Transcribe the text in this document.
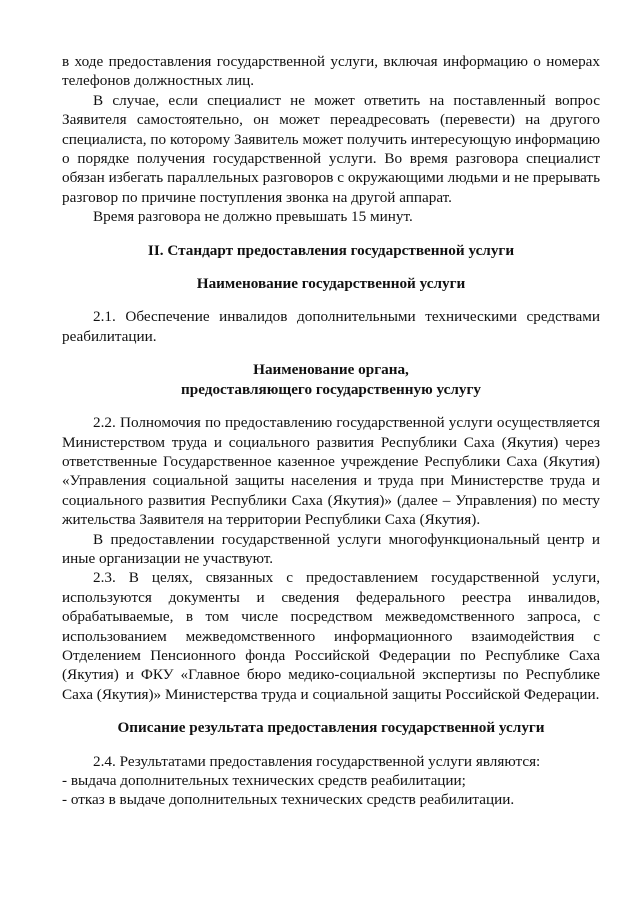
в ходе предоставления государственной услуги, включая информацию о номерах телефонов должностных лиц.

В случае, если специалист не может ответить на поставленный вопрос Заявителя самостоятельно, он может переадресовать (перевести) на другого специалиста, по которому Заявитель может получить интересующую информацию о порядке получения государственной услуги. Во время разговора специалист обязан избегать параллельных разговоров с окружающими людьми и не прерывать разговор по причине поступления звонка на другой аппарат.

Время разговора не должно превышать 15 минут.

II. Стандарт предоставления государственной услуги

Наименование государственной услуги

2.1. Обеспечение инвалидов дополнительными техническими средствами реабилитации.

Наименование органа,

предоставляющего государственную услугу

2.2. Полномочия по предоставлению государственной услуги осуществляется Министерством труда и социального развития Республики Саха (Якутия) через ответственные Государственное казенное учреждение Республики Саха (Якутия) «Управления социальной защиты населения и труда при Министерстве труда и социального развития Республики Саха (Якутия)» (далее – Управления) по месту жительства Заявителя на территории Республики Саха (Якутия).

В предоставлении государственной услуги многофункциональный центр и иные организации не участвуют.

2.3. В целях, связанных с предоставлением государственной услуги, используются документы и сведения федерального реестра инвалидов, обрабатываемые, в том числе посредством межведомственного запроса, с использованием межведомственного информационного взаимодействия с Отделением Пенсионного фонда Российской Федерации по Республике Саха (Якутия) и ФКУ «Главное бюро медико-социальной экспертизы по Республике Саха (Якутия)» Министерства труда и социальной защиты Российской Федерации.

Описание результата предоставления государственной услуги

2.4. Результатами предоставления государственной услуги являются:

- выдача дополнительных технических средств реабилитации;

- отказ в выдаче дополнительных технических средств реабилитации.
